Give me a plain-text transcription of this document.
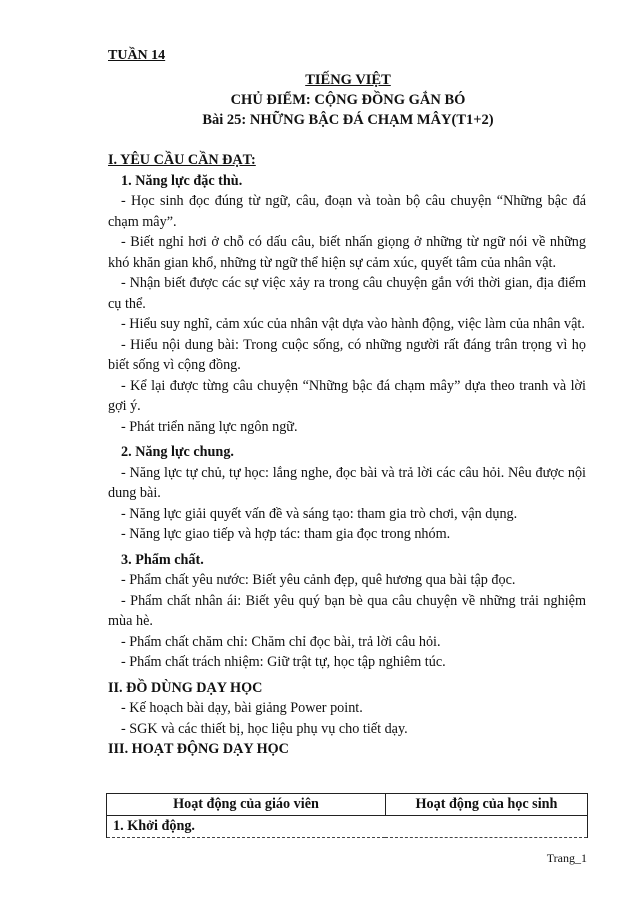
TUẦN 14
TIẾNG VIỆT
CHỦ ĐIỂM: CỘNG ĐỒNG GẮN BÓ
Bài 25: NHỮNG BẬC ĐÁ CHẠM MÂY(T1+2)

I. YÊU CẦU CẦN ĐẠT:

1. Năng lực đặc thù.

- Học sinh đọc đúng từ ngữ, câu, đoạn và toàn bộ câu chuyện “Những bậc đá chạm mây”.

- Biết nghỉ hơi ở chỗ có dấu câu, biết nhấn giọng ở những từ ngữ nói về những khó khăn gian khổ, những từ ngữ thể hiện sự cảm xúc, quyết tâm của nhân vật.

- Nhận biết được các sự việc xảy ra trong câu chuyện gắn với thời gian, địa điểm cụ thể.

- Hiểu suy nghĩ, cảm xúc của nhân vật dựa vào hành động, việc làm của nhân vật.

- Hiểu nội dung bài: Trong cuộc sống, có những người rất đáng trân trọng vì họ biết sống vì cộng đồng.

- Kể lại được từng câu chuyện “Những bậc đá chạm mây” dựa theo tranh và lời gợi ý.

- Phát triển năng lực ngôn ngữ.

2. Năng lực chung.

- Năng lực tự chủ, tự học: lắng nghe, đọc bài và trả lời các câu hỏi. Nêu được nội dung bài.

- Năng lực giải quyết vấn đề và sáng tạo: tham gia trò chơi, vận dụng.

- Năng lực giao tiếp và hợp tác: tham gia đọc trong nhóm.

3. Phẩm chất.

- Phẩm chất yêu nước: Biết yêu cảnh đẹp, quê hương qua bài tập đọc.

- Phẩm chất nhân ái: Biết yêu quý bạn bè qua câu chuyện về những trải nghiệm mùa hè.

- Phẩm chất chăm chỉ: Chăm chỉ đọc bài, trả lời câu hỏi.

- Phẩm chất trách nhiệm: Giữ trật tự, học tập nghiêm túc.

II. ĐỒ DÙNG DẠY HỌC

- Kế hoạch bài dạy, bài giảng Power point.

- SGK và các thiết bị, học liệu phụ vụ cho tiết dạy.

III. HOẠT ĐỘNG DẠY HỌC

Hoạt động của giáo viên	Hoạt động của học sinh
1. Khởi động.
Trang_1
